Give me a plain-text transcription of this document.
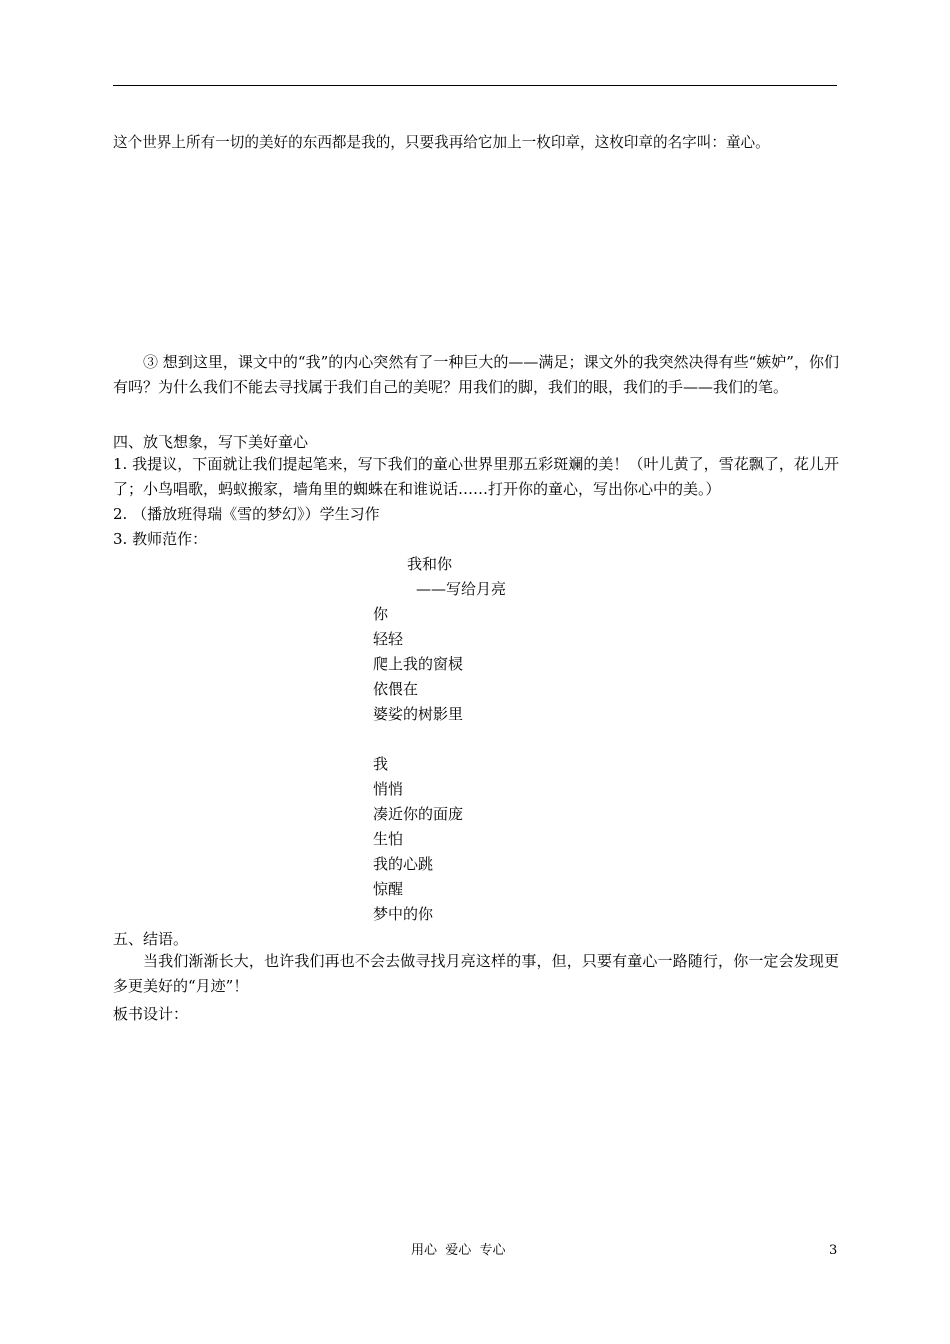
这个世界上所有一切的美好的东西都是我的，只要我再给它加上一枚印章，这枚印章的名字叫：童心。
③ 想到这里，课文中的“我”的内心突然有了一种巨大的——满足；课文外的我突然决得有些“嫉妒”，你们有吗？为什么我们不能去寻找属于我们自己的美呢？用我们的脚，我们的眼，我们的手——我们的笔。
四、放飞想象，写下美好童心
1. 我提议，下面就让我们提起笔来，写下我们的童心世界里那五彩斑斓的美！（叶儿黄了，雪花飘了，花儿开了；小鸟唱歌，蚂蚁搬家，墙角里的蜘蛛在和谁说话……打开你的童心，写出你心中的美。）
2. （播放班得瑞《雪的梦幻》）学生习作
3. 教师范作：
我和你
——写给月亮
你
轻轻
爬上我的窗棂
依偎在
婆娑的树影里
我
悄悄
凑近你的面庞
生怕
我的心跳
惊醒
梦中的你
五、结语。
当我们渐渐长大，也许我们再也不会去做寻找月亮这样的事，但，只要有童心一路随行，你一定会发现更多更美好的“月迹”！
板书设计：
用心  爱心  专心	3
